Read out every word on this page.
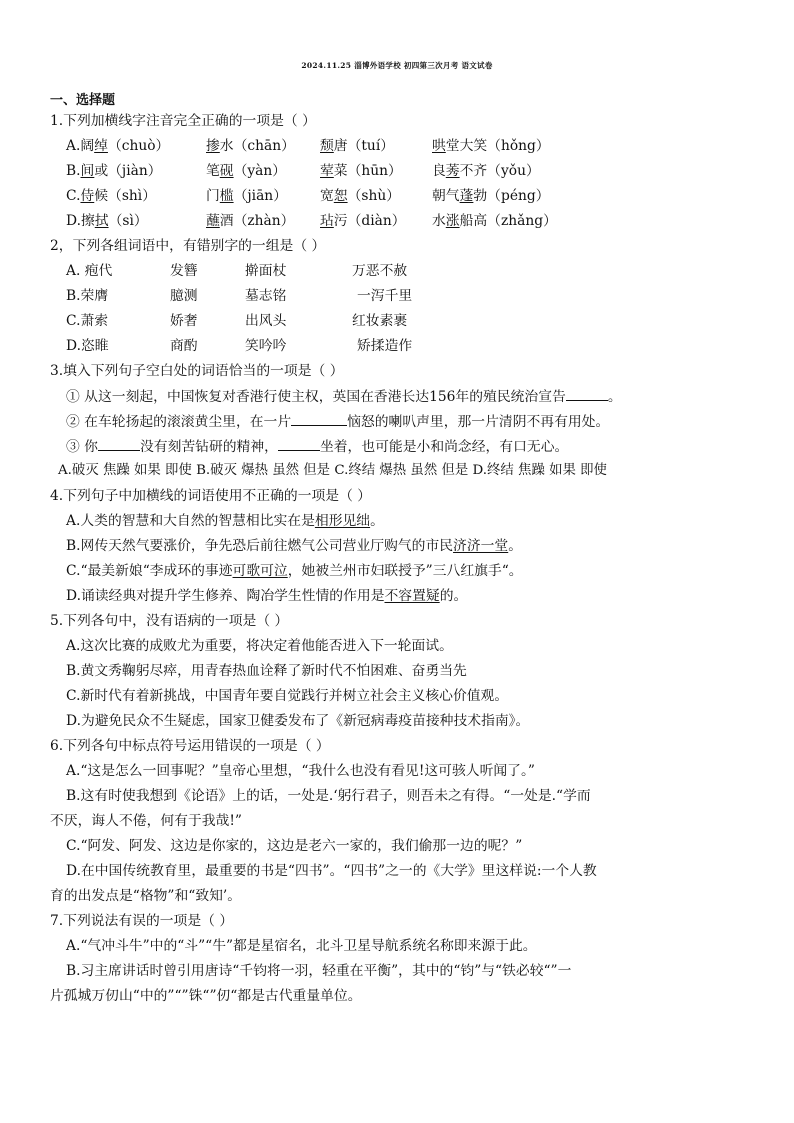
2024.11.25 淄博外语学校 初四第三次月考 语文试卷
一、选择题
1.下列加横线字注音完全正确的一项是（ ）
A.阔绰（chuò）	掺水（chān） 颓唐（tuí）	哄堂大笑（hǒng）
B.间或（jiàn）	笔砚（yàn） 荤菜（hūn） 良莠不齐（yǒu）
C.侍候（shì）	门槛（jiān） 宽恕（shù） 朝气蓬勃（péng）
D.擦拭（sì）	蘸酒（zhàn） 玷污（diàn） 水涨船高（zhǎng）
2，下列各组词语中，有错别字的一组是（ ）
A. 疱代	发簪	擀面杖	万恶不赦
B.荣膺	臆测	墓志铭	一泻千里
C.萧索	娇奢	出风头	红妆素裹
D.恣睢	商酌	笑吟吟	矫揉造作
3.填入下列句子空白处的词语恰当的一项是（ ）
① 从这一刻起，中国恢复对香港行使主权，英国在香港长达156年的殖民统治宣告	。
② 在车轮扬起的滚滚黄尘里，在一片	恼怒的喇叭声里，那一片清阴不再有用处。
③ 你	没有刻苦钻研的精神，	坐着，也可能是小和尚念经，有口无心。
A.破灭 焦躁 如果 即使 B.破灭 爆热 虽然 但是 C.终结 爆热 虽然 但是 D.终结 焦躁 如果 即使
4.下列句子中加横线的词语使用不正确的一项是（ ）
A.人类的智慧和大自然的智慧相比实在是相形见绌。
B.网传天然气要涨价，争先恐后前往燃气公司营业厅购气的市民济济一堂。
C.“最美新娘“李成环的事迹可歌可泣，她被兰州市妇联授予”三八红旗手“。
D.诵读经典对提升学生修养、陶冶学生性情的作用是不容置疑的。
5.下列各句中，没有语病的一项是（ ）
A.这次比赛的成败尤为重要，将决定着他能否进入下一轮面试。
B.黄文秀鞠躬尽瘁，用青春热血诠释了新时代不怕困难、奋勇当先
C.新时代有着新挑战，中国青年要自觉践行并树立社会主义核心价值观。
D.为避免民众不生疑虑，国家卫健委发布了《新冠病毒疫苗接种技术指南》。
6.下列各句中标点符号运用错误的一项是（ ）
A.“这是怎么一回事呢？”皇帝心里想，“我什么也没有看见!这可骇人听闻了。”
B.这有时使我想到《论语》上的话，一处是.‘躬行君子，则吾未之有得。“一处是.“学而
不厌，诲人不倦，何有于我哉!”
C.“阿发、阿发、这边是你家的，这边是老六一家的，我们偷那一边的呢？”
D.在中国传统教育里，最重要的书是“四书”。“四书”之一的《大学》里这样说:一个人教
育的出发点是“格物”和“致知’。
7.下列说法有误的一项是（ ）
A.“气冲斗牛”中的“斗”“牛”都是星宿名，北斗卫星导航系统名称即来源于此。
B.习主席讲话时曾引用唐诗“千钧将一羽，轻重在平衡”，其中的“钧”与“铁必较“”一
片孤城万仞山“中的”“”铢“”仞“都是古代重量单位。
